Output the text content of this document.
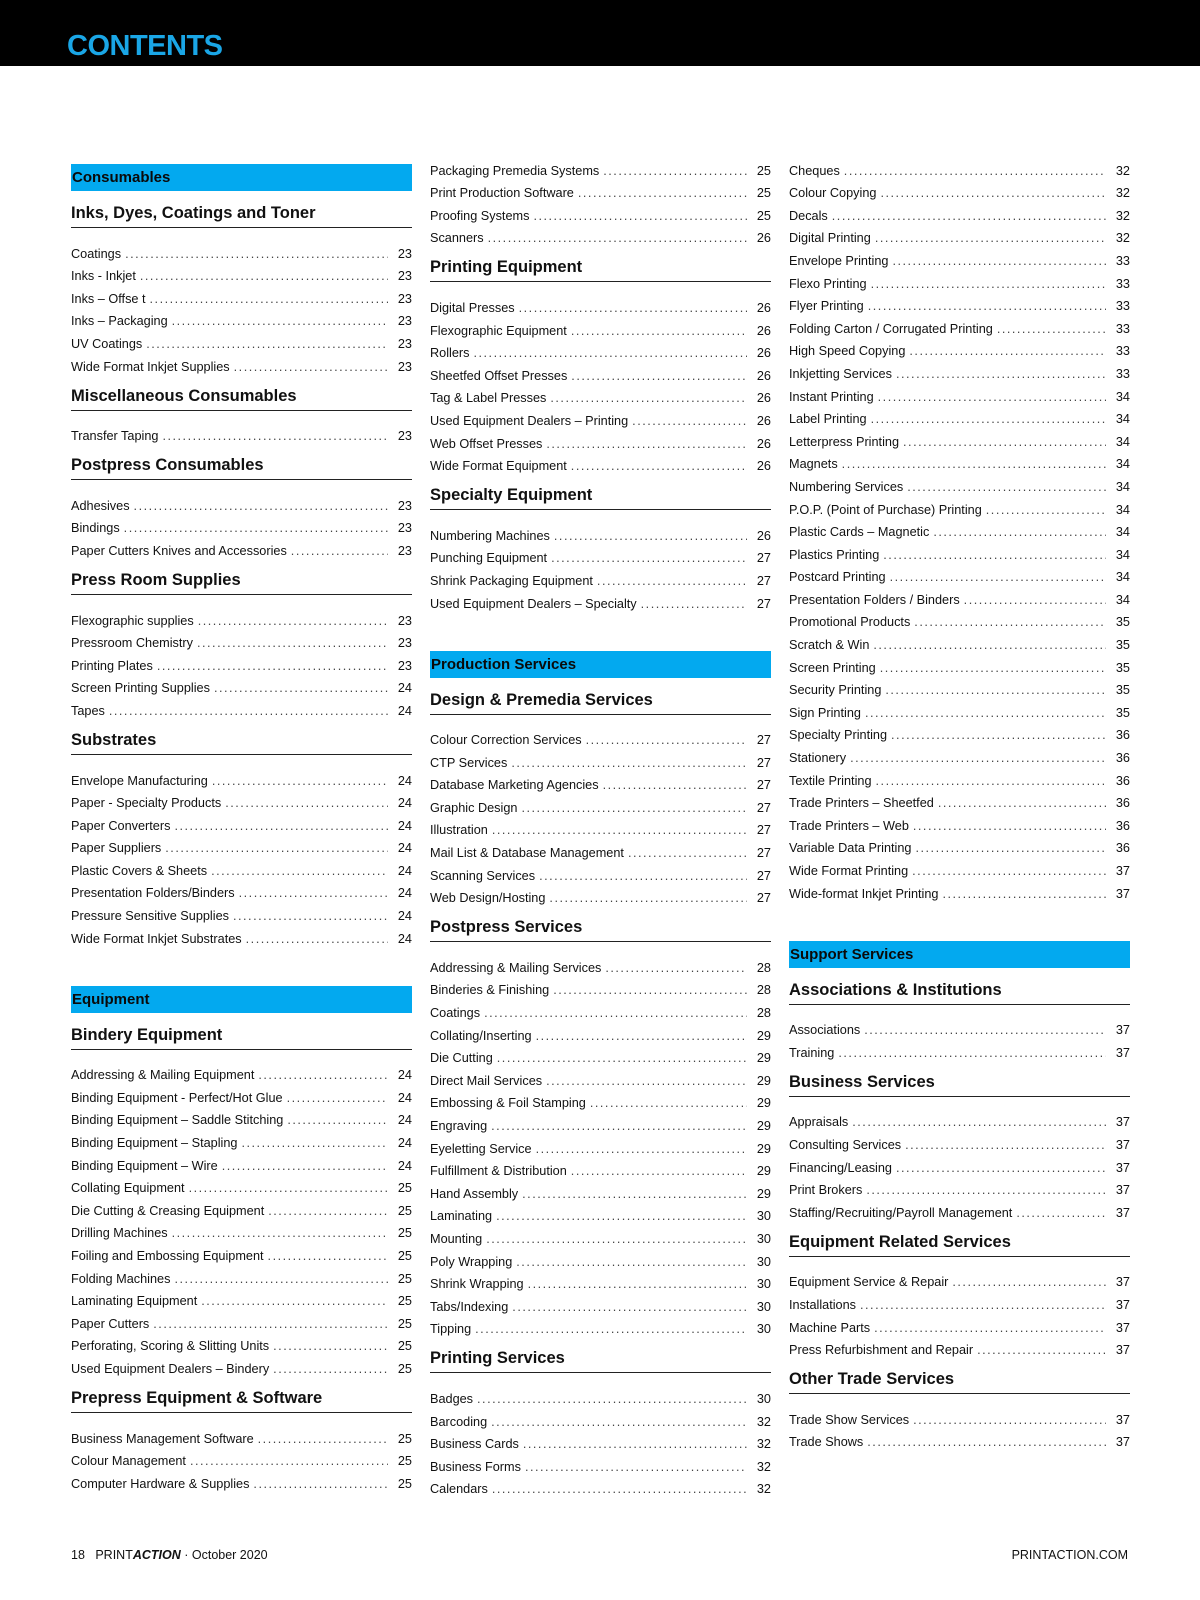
CONTENTS
Consumables
Inks, Dyes, Coatings and Toner
Coatings .....	23
Inks - Inkjet .....	23
Inks – Offse t .....	23
Inks – Packaging .....	23
UV Coatings .....	23
Wide Format Inkjet Supplies .....	23
Miscellaneous Consumables
Transfer Taping .....	23
Postpress Consumables
Adhesives .....	23
Bindings .....	23
Paper Cutters Knives and Accessories .....	23
Press Room Supplies
Flexographic supplies .....	23
Pressroom Chemistry .....	23
Printing Plates .....	23
Screen Printing Supplies .....	24
Tapes .....	24
Substrates
Envelope Manufacturing .....	24
Paper - Specialty Products .....	24
Paper Converters .....	24
Paper Suppliers .....	24
Plastic Covers & Sheets .....	24
Presentation Folders/Binders .....	24
Pressure Sensitive Supplies .....	24
Wide Format Inkjet Substrates .....	24
Equipment
Bindery Equipment
Addressing & Mailing Equipment .....	24
Binding Equipment - Perfect/Hot Glue .....	24
Binding Equipment – Saddle Stitching .....	24
Binding Equipment – Stapling .....	24
Binding Equipment – Wire .....	24
Collating Equipment .....	25
Die Cutting & Creasing Equipment .....	25
Drilling Machines .....	25
Foiling and Embossing Equipment .....	25
Folding Machines .....	25
Laminating Equipment .....	25
Paper Cutters .....	25
Perforating, Scoring & Slitting Units .....	25
Used Equipment Dealers – Bindery .....	25
Prepress Equipment & Software
Business Management Software .....	25
Colour Management .....	25
Computer Hardware & Supplies .....	25
Packaging Premedia Systems .....	25
Print Production Software .....	25
Proofing Systems .....	25
Scanners .....	26
Printing Equipment
Digital Presses .....	26
Flexographic Equipment .....	26
Rollers .....	26
Sheetfed Offset Presses .....	26
Tag & Label Presses .....	26
Used Equipment Dealers – Printing .....	26
Web Offset Presses .....	26
Wide Format Equipment .....	26
Specialty Equipment
Numbering Machines .....	26
Punching Equipment .....	27
Shrink Packaging Equipment .....	27
Used Equipment Dealers – Specialty .....	27
Production Services
Design & Premedia Services
Colour Correction Services .....	27
CTP Services .....	27
Database Marketing Agencies .....	27
Graphic Design .....	27
Illustration .....	27
Mail List & Database Management .....	27
Scanning Services .....	27
Web Design/Hosting .....	27
Postpress Services
Addressing & Mailing Services .....	28
Binderies & Finishing .....	28
Coatings .....	28
Collating/Inserting .....	29
Die Cutting .....	29
Direct Mail Services .....	29
Embossing & Foil Stamping .....	29
Engraving .....	29
Eyeletting Service .....	29
Fulfillment & Distribution .....	29
Hand Assembly .....	29
Laminating .....	30
Mounting .....	30
Poly Wrapping .....	30
Shrink Wrapping .....	30
Tabs/Indexing .....	30
Tipping .....	30
Printing Services
Badges .....	30
Barcoding .....	32
Business Cards .....	32
Business Forms .....	32
Calendars .....	32
Cheques .....	32
Colour Copying .....	32
Decals .....	32
Digital Printing .....	32
Envelope Printing .....	33
Flexo Printing .....	33
Flyer Printing .....	33
Folding Carton / Corrugated Printing .....	33
High Speed Copying .....	33
Inkjetting Services .....	33
Instant Printing .....	34
Label Printing .....	34
Letterpress Printing .....	34
Magnets .....	34
Numbering Services .....	34
P.O.P. (Point of Purchase) Printing .....	34
Plastic Cards – Magnetic .....	34
Plastics Printing .....	34
Postcard Printing .....	34
Presentation Folders / Binders .....	34
Promotional Products .....	35
Scratch & Win .....	35
Screen Printing .....	35
Security Printing .....	35
Sign Printing .....	35
Specialty Printing .....	36
Stationery .....	36
Textile Printing .....	36
Trade Printers – Sheetfed .....	36
Trade Printers – Web .....	36
Variable Data Printing .....	36
Wide Format Printing .....	37
Wide-format Inkjet Printing .....	37
Support Services
Associations & Institutions
Associations .....	37
Training .....	37
Business Services
Appraisals .....	37
Consulting Services .....	37
Financing/Leasing .....	37
Print Brokers .....	37
Staffing/Recruiting/Payroll Management .....	37
Equipment Related Services
Equipment Service & Repair .....	37
Installations .....	37
Machine Parts .....	37
Press Refurbishment and Repair .....	37
Other Trade Services
Trade Show Services .....	37
Trade Shows .....	37
18 PRINTACTION · October 2020	PRINTACTION.COM
